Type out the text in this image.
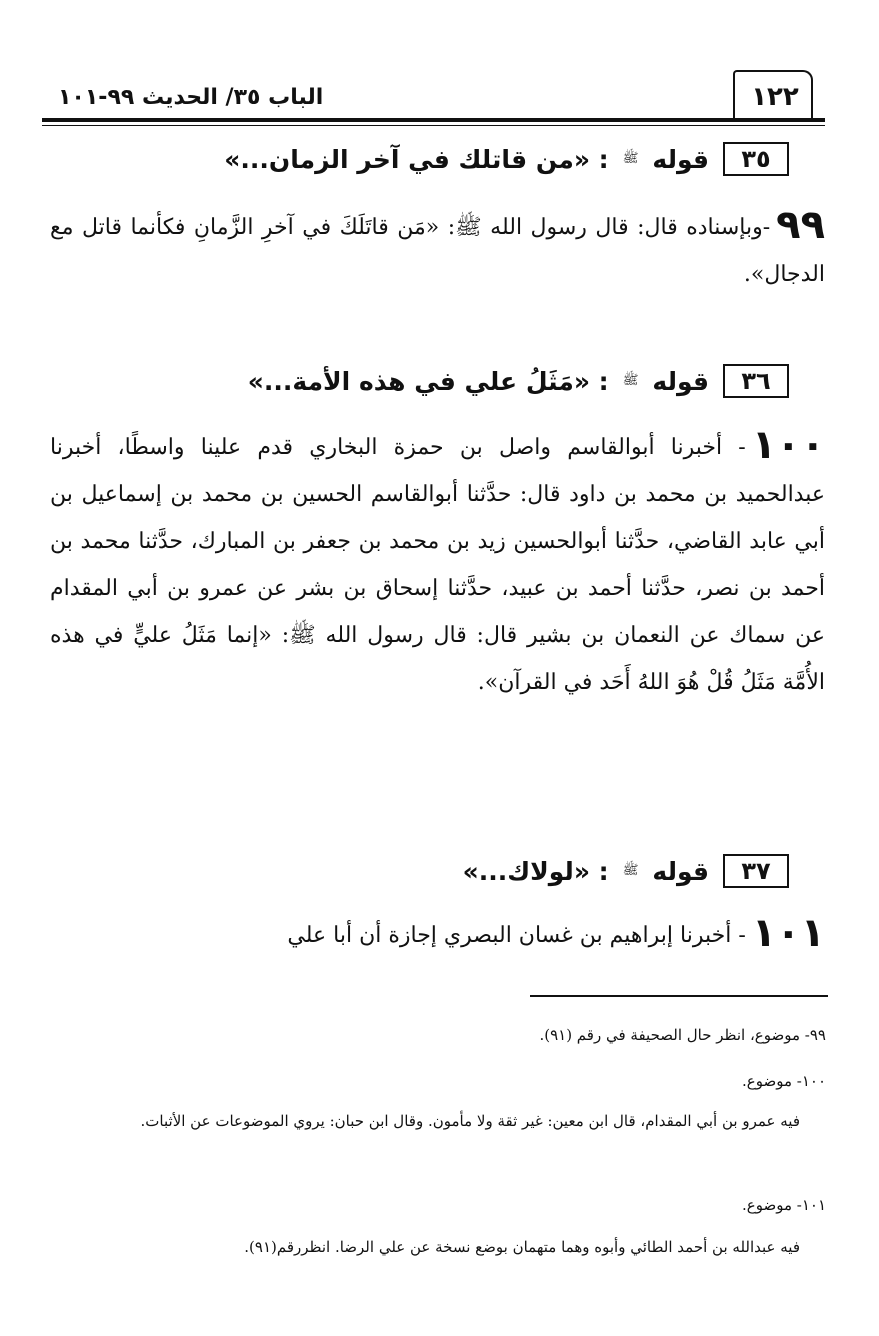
١٢٢
الباب ٣٥/ الحديث ٩٩-١٠١
٣٥
قوله
ﷺ
: «من قاتلك في آخر الزمان...»
٩٩-وبإسناده قال: قال رسول الله ﷺ: «مَن قاتَلَكَ في آخرِ الزَّمانِ فكأنما قاتل مع الدجال».
٣٦
قوله
ﷺ
: «مَثَلُ علي في هذه الأمة...»
١٠٠- أخبرنا أبوالقاسم واصل بن حمزة البخاري قدم علينا واسطًا، أخبرنا عبدالحميد بن محمد بن داود قال: حدَّثنا أبوالقاسم الحسين بن محمد بن إسماعيل بن أبي عابد القاضي، حدَّثنا أبوالحسين زيد بن محمد بن جعفر بن المبارك، حدَّثنا محمد بن أحمد بن نصر، حدَّثنا أحمد بن عبيد، حدَّثنا إسحاق بن بشر عن عمرو بن أبي المقدام عن سماك عن النعمان بن بشير قال: قال رسول الله ﷺ: «إنما مَثَلُ عليٍّ في هذه الأُمَّة مَثَلُ قُلْ هُوَ اللهُ أَحَد في القرآن».
٣٧
قوله
ﷺ
: «لولاك...»
١٠١- أخبرنا إبراهيم بن غسان البصري إجازة أن أبا علي
٩٩- موضوع، انظر حال الصحيفة في رقم (٩١).
١٠٠- موضوع.
فيه عمرو بن أبي المقدام، قال ابن معين: غير ثقة ولا مأمون. وقال ابن حبان: يروي الموضوعات عن الأثبات.
١٠١- موضوع.
فيه عبدالله بن أحمد الطائي وأبوه وهما متهمان بوضع نسخة عن علي الرضا. انظررقم(٩١).
